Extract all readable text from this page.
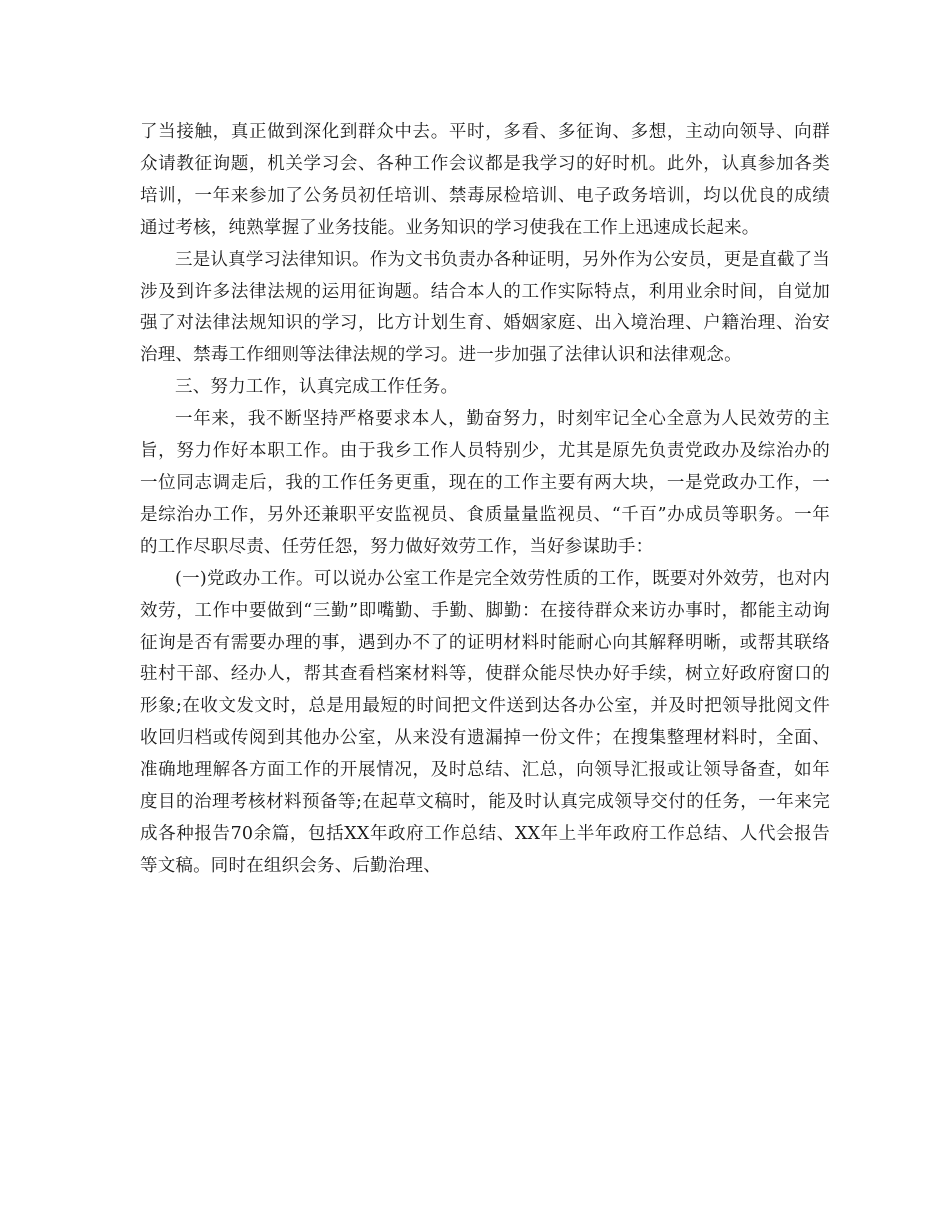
了当接触，真正做到深化到群众中去。平时，多看、多征询、多想，主动向领导、向群众请教征询题，机关学习会、各种工作会议都是我学习的好时机。此外，认真参加各类培训，一年来参加了公务员初任培训、禁毒尿检培训、电子政务培训，均以优良的成绩通过考核，纯熟掌握了业务技能。业务知识的学习使我在工作上迅速成长起来。

三是认真学习法律知识。作为文书负责办各种证明，另外作为公安员，更是直截了当涉及到许多法律法规的运用征询题。结合本人的工作实际特点，利用业余时间，自觉加强了对法律法规知识的学习，比方计划生育、婚姻家庭、出入境治理、户籍治理、治安治理、禁毒工作细则等法律法规的学习。进一步加强了法律认识和法律观念。

三、努力工作，认真完成工作任务。

一年来，我不断坚持严格要求本人，勤奋努力，时刻牢记全心全意为人民效劳的主旨，努力作好本职工作。由于我乡工作人员特别少，尤其是原先负责党政办及综治办的一位同志调走后，我的工作任务更重，现在的工作主要有两大块，一是党政办工作，一是综治办工作，另外还兼职平安监视员、食质量量监视员、“千百”办成员等职务。一年的工作尽职尽责、任劳任怨，努力做好效劳工作，当好参谋助手：

(一)党政办工作。可以说办公室工作是完全效劳性质的工作，既要对外效劳，也对内效劳，工作中要做到“三勤”即嘴勤、手勤、脚勤：在接待群众来访办事时，都能主动询征询是否有需要办理的事，遇到办不了的证明材料时能耐心向其解释明晰，或帮其联络驻村干部、经办人，帮其查看档案材料等，使群众能尽快办好手续，树立好政府窗口的形象;在收文发文时，总是用最短的时间把文件送到达各办公室，并及时把领导批阅文件收回归档或传阅到其他办公室，从来没有遗漏掉一份文件；在搜集整理材料时，全面、准确地理解各方面工作的开展情况，及时总结、汇总，向领导汇报或让领导备查，如年度目的治理考核材料预备等;在起草文稿时，能及时认真完成领导交付的任务，一年来完成各种报告70余篇，包括XX年政府工作总结、XX年上半年政府工作总结、人代会报告等文稿。同时在组织会务、后勤治理、
